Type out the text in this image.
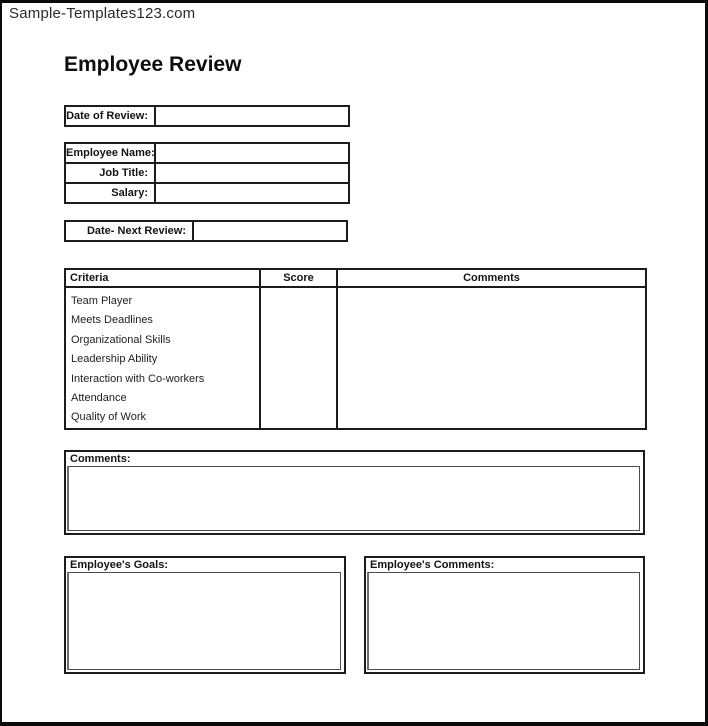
Sample-Templates123.com
Employee Review
Date of Review:	
Employee Name:	
Job Title:	
Salary:	
Date- Next Review:	
Criteria	Score	Comments

Team Player
Meets Deadlines
Organizational Skills
Leadership Ability
Interaction with Co-workers
Attendance
Quality of Work

Comments:
Employee's Goals:	Employee's Comments:
